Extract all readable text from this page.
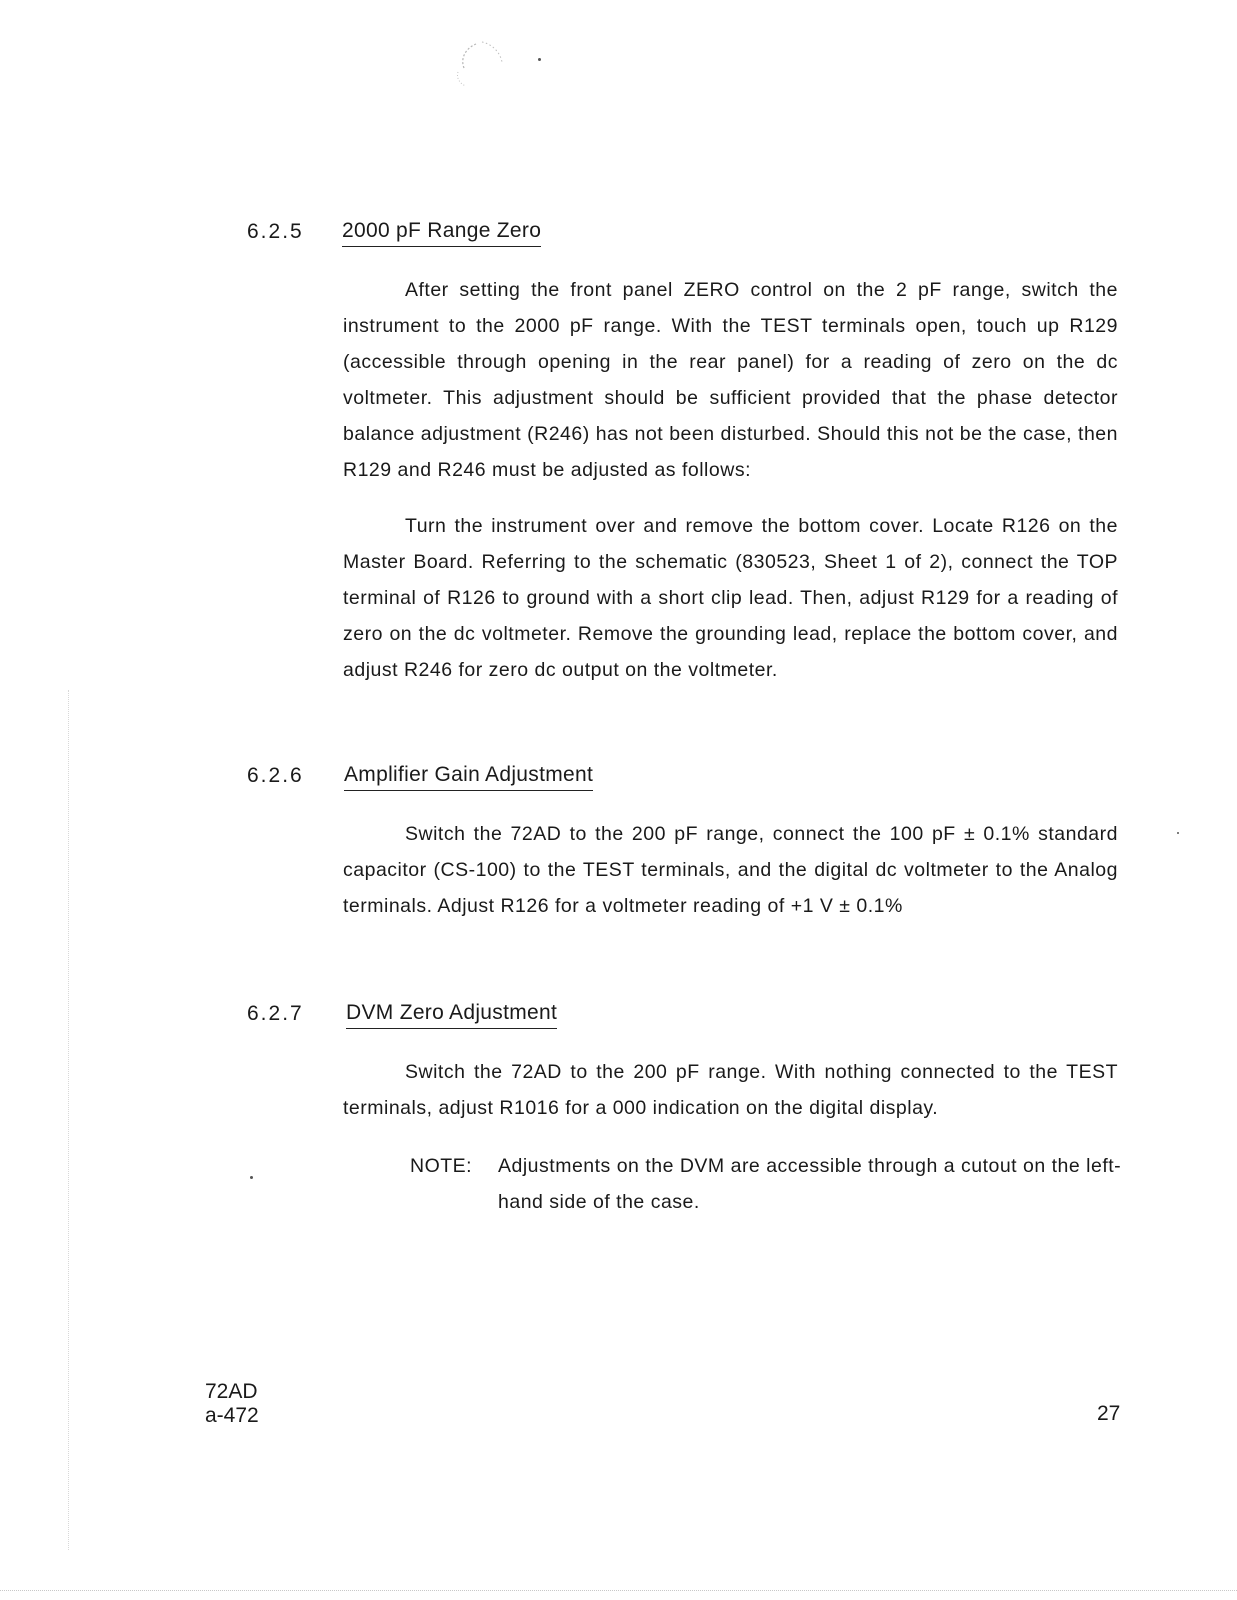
6.2.5 2000 pF Range Zero

After setting the front panel ZERO control on the 2 pF range, switch the instrument to the 2000 pF range. With the TEST terminals open, touch up R129 (accessible through opening in the rear panel) for a reading of zero on the dc voltmeter. This adjustment should be sufficient provided that the phase detector balance adjustment (R246) has not been disturbed. Should this not be the case, then R129 and R246 must be adjusted as follows:

Turn the instrument over and remove the bottom cover. Locate R126 on the Master Board. Referring to the schematic (830523, Sheet 1 of 2), connect the TOP terminal of R126 to ground with a short clip lead. Then, adjust R129 for a reading of zero on the dc voltmeter. Remove the grounding lead, replace the bottom cover, and adjust R246 for zero dc output on the voltmeter.

6.2.6 Amplifier Gain Adjustment

Switch the 72AD to the 200 pF range, connect the 100 pF ± 0.1% standard capacitor (CS-100) to the TEST terminals, and the digital dc voltmeter to the Analog terminals. Adjust R126 for a voltmeter reading of +1 V ± 0.1%

6.2.7 DVM Zero Adjustment

Switch the 72AD to the 200 pF range. With nothing connected to the TEST terminals, adjust R1016 for a 000 indication on the digital display.

NOTE:	Adjustments on the DVM are accessible through a cutout on the left-hand side of the case.
72AD
a-472	27
